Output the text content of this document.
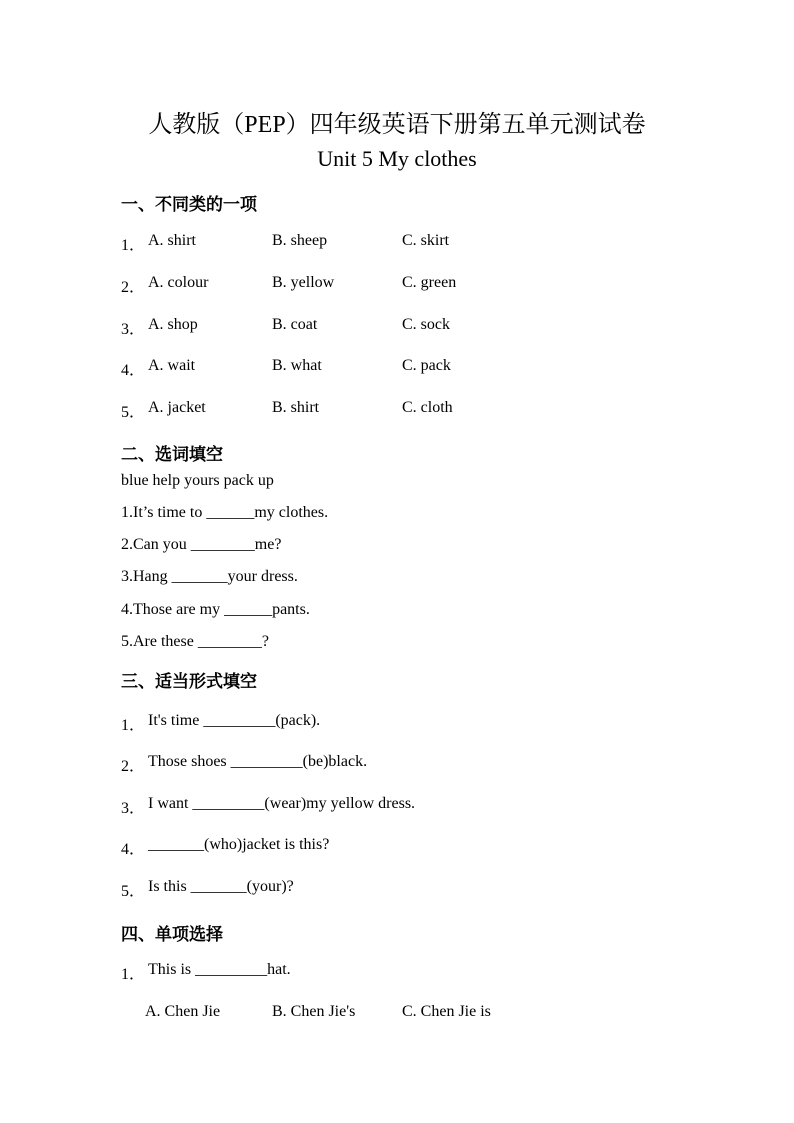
人教版（PEP）四年级英语下册第五单元测试卷
Unit 5 My clothes
一、不同类的一项
1． A. shirt	B. sheep	C. skirt
2． A. colour	B. yellow	C. green
3． A. shop	B. coat	C. sock
4． A. wait	B. what	C. pack
5． A. jacket	B. shirt	C. cloth
二、选词填空
blue help yours pack up
1.It’s time to ______my clothes.
2.Can you ________me?
3.Hang _______your dress.
4.Those are my ______pants.
5.Are these ________?
三、适当形式填空
1． It's time _________(pack).
2． Those shoes _________(be)black.
3． I want _________(wear)my yellow dress.
4． _______(who)jacket is this?
5． Is this _______(your)?
四、单项选择
1． This is _________hat.
A. Chen Jie	B. Chen Jie's	C. Chen Jie is
